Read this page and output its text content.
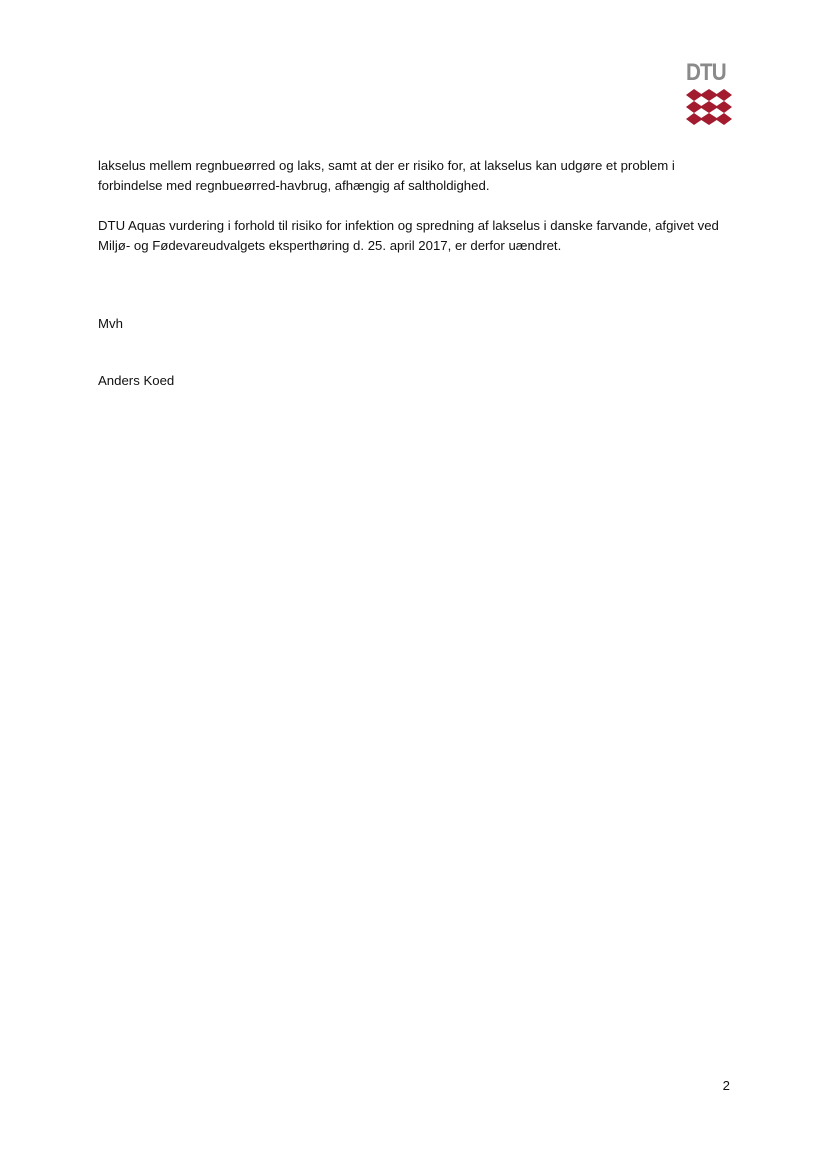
DTU
lakselus mellem regnbueørred og laks, samt at der er risiko for, at lakselus kan udgøre et problem i forbindelse med regnbueørred-havbrug, afhængig af saltholdighed.
DTU Aquas vurdering i forhold til risiko for infektion og spredning af lakselus i danske farvande, afgivet ved Miljø- og Fødevareudvalgets eksperthøring d. 25. april 2017, er derfor uændret.
Mvh
Anders Koed
2
